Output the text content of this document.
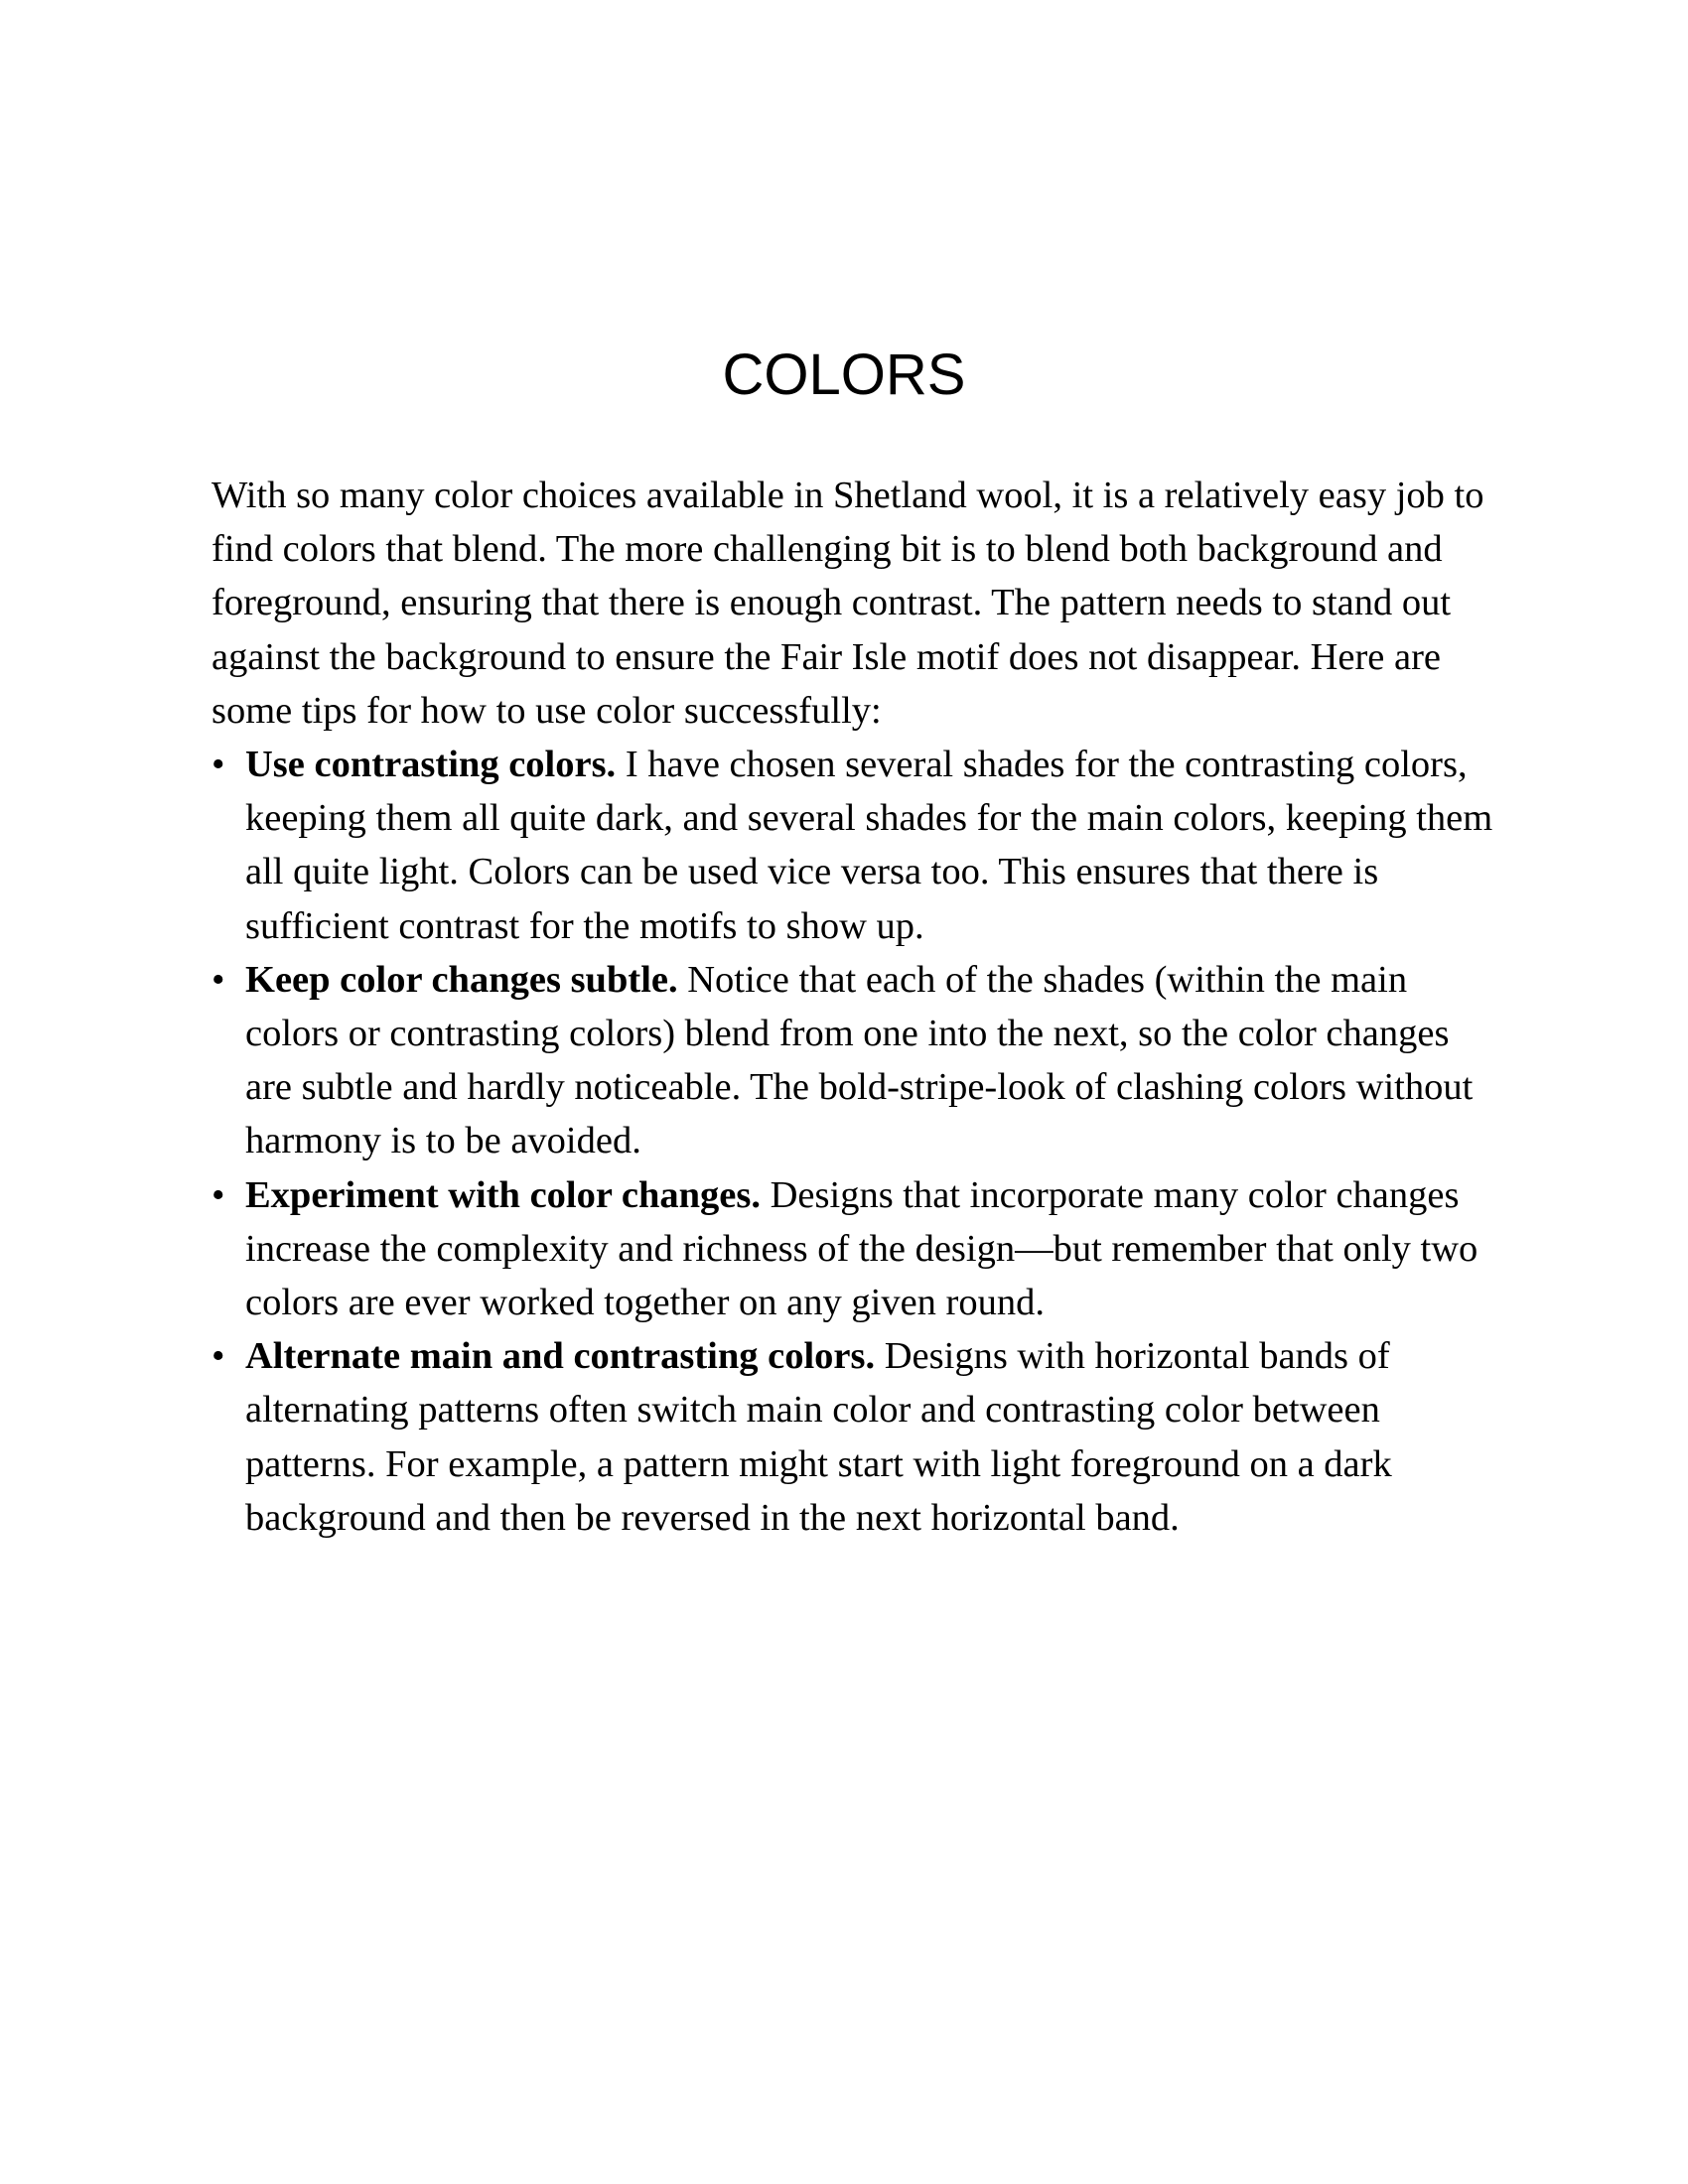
COLORS

With so many color choices available in Shetland wool, it is a relatively easy job to find colors that blend. The more challenging bit is to blend both background and foreground, ensuring that there is enough contrast. The pattern needs to stand out against the background to ensure the Fair Isle motif does not disappear. Here are some tips for how to use color successfully:

• Use contrasting colors. I have chosen several shades for the contrasting colors, keeping them all quite dark, and several shades for the main colors, keeping them all quite light. Colors can be used vice versa too. This ensures that there is sufficient contrast for the motifs to show up.
• Keep color changes subtle. Notice that each of the shades (within the main colors or contrasting colors) blend from one into the next, so the color changes are subtle and hardly noticeable. The bold-stripe-look of clashing colors without harmony is to be avoided.
• Experiment with color changes. Designs that incorporate many color changes increase the complexity and richness of the design—but remember that only two colors are ever worked together on any given round.
• Alternate main and contrasting colors. Designs with horizontal bands of alternating patterns often switch main color and contrasting color between patterns. For example, a pattern might start with light foreground on a dark background and then be reversed in the next horizontal band.
